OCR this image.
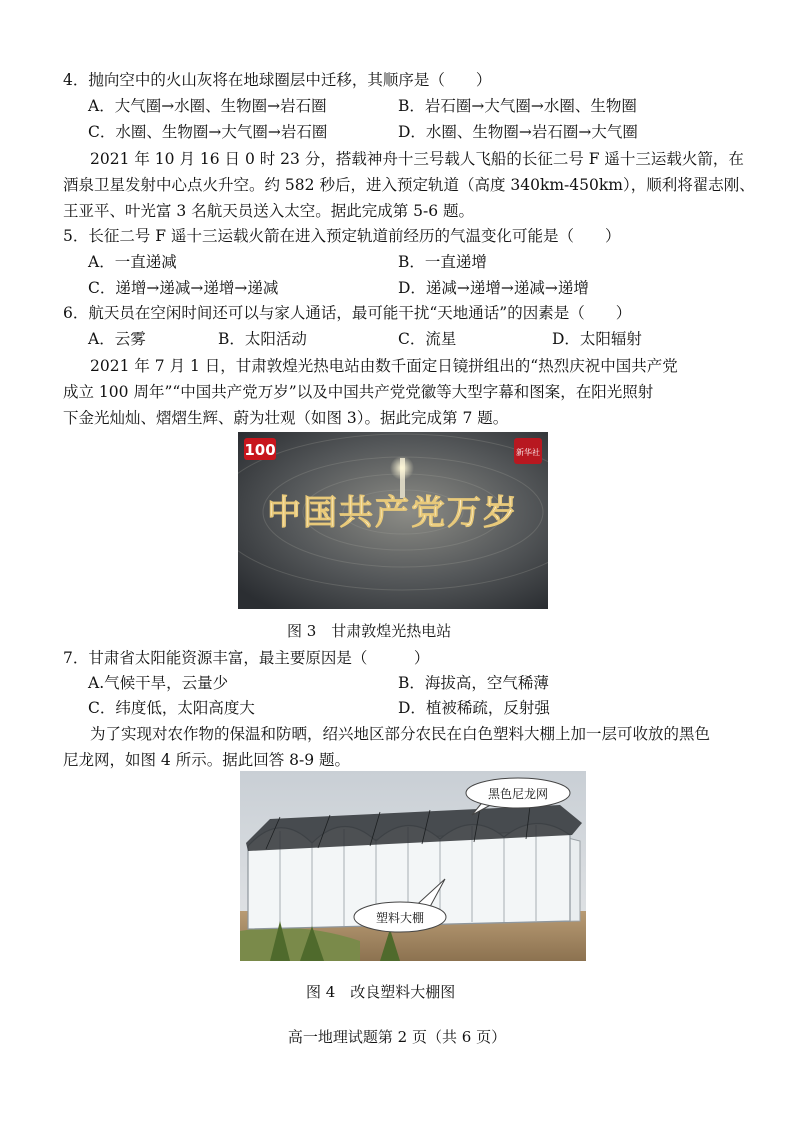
4．抛向空中的火山灰将在地球圈层中迁移，其顺序是（　　）
A．大气圈→水圈、生物圈→岩石圈	B．岩石圈→大气圈→水圈、生物圈
C．水圈、生物圈→大气圈→岩石圈	D．水圈、生物圈→岩石圈→大气圈
2021 年 10 月 16 日 0 时 23 分，搭载神舟十三号载人飞船的长征二号 F 遥十三运载火箭，在
酒泉卫星发射中心点火升空。约 582 秒后，进入预定轨道（高度 340km-450km），顺利将翟志刚、
王亚平、叶光富 3 名航天员送入太空。据此完成第 5-6 题。
5．长征二号 F 遥十三运载火箭在进入预定轨道前经历的气温变化可能是（　　）
A．一直递减	B．一直递增
C．递增→递减→递增→递减	D．递减→递增→递减→递增
6．航天员在空闲时间还可以与家人通话，最可能干扰“天地通话”的因素是（　　）
A．云雾	B．太阳活动	C．流星	D．太阳辐射
2021 年 7 月 1 日，甘肃敦煌光热电站由数千面定日镜拼组出的“热烈庆祝中国共产党
成立 100 周年”“中国共产党万岁”以及中国共产党党徽等大型字幕和图案，在阳光照射
下金光灿灿、熠熠生辉、蔚为壮观（如图 3）。据此完成第 7 题。
中国共产党万岁
100	新华社
图 3　甘肃敦煌光热电站
7．甘肃省太阳能资源丰富，最主要原因是（　　　）
A.气候干旱，云量少	B．海拔高，空气稀薄
C．纬度低，太阳高度大	D．植被稀疏，反射强
为了实现对农作物的保温和防晒，绍兴地区部分农民在白色塑料大棚上加一层可收放的黑色
尼龙网，如图 4 所示。据此回答 8-9 题。
黑色尼龙网
塑料大棚
图 4　改良塑料大棚图
高一地理试题第 2 页（共 6 页）
